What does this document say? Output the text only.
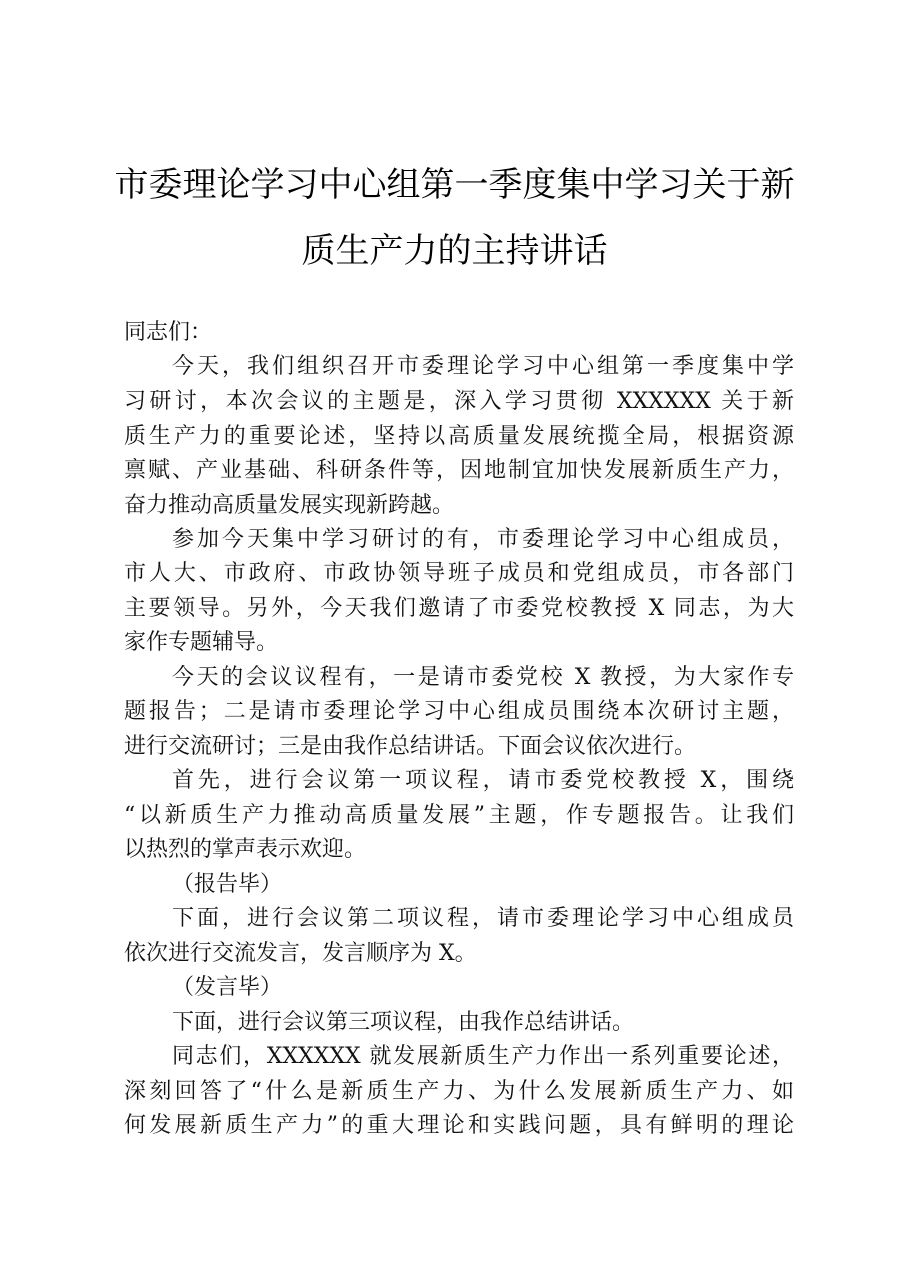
市委理论学习中心组第一季度集中学习关于新
质生产力的主持讲话
同志们：
今天，我们组织召开市委理论学习中心组第一季度集中学
习研讨，本次会议的主题是，深入学习贯彻 XXXXXX 关于新
质生产力的重要论述，坚持以高质量发展统揽全局，根据资源
禀赋、产业基础、科研条件等，因地制宜加快发展新质生产力，
奋力推动高质量发展实现新跨越。
参加今天集中学习研讨的有，市委理论学习中心组成员，
市人大、市政府、市政协领导班子成员和党组成员，市各部门
主要领导。另外，今天我们邀请了市委党校教授 X 同志，为大
家作专题辅导。
今天的会议议程有，一是请市委党校 X 教授，为大家作专
题报告；二是请市委理论学习中心组成员围绕本次研讨主题，
进行交流研讨；三是由我作总结讲话。下面会议依次进行。
首先，进行会议第一项议程，请市委党校教授 X，围绕
“以新质生产力推动高质量发展”主题，作专题报告。让我们
以热烈的掌声表示欢迎。
（报告毕）
下面，进行会议第二项议程，请市委理论学习中心组成员
依次进行交流发言，发言顺序为 X。
（发言毕）
下面，进行会议第三项议程，由我作总结讲话。
同志们，XXXXXX 就发展新质生产力作出一系列重要论述，
深刻回答了“什么是新质生产力、为什么发展新质生产力、如
何发展新质生产力”的重大理论和实践问题，具有鲜明的理论
